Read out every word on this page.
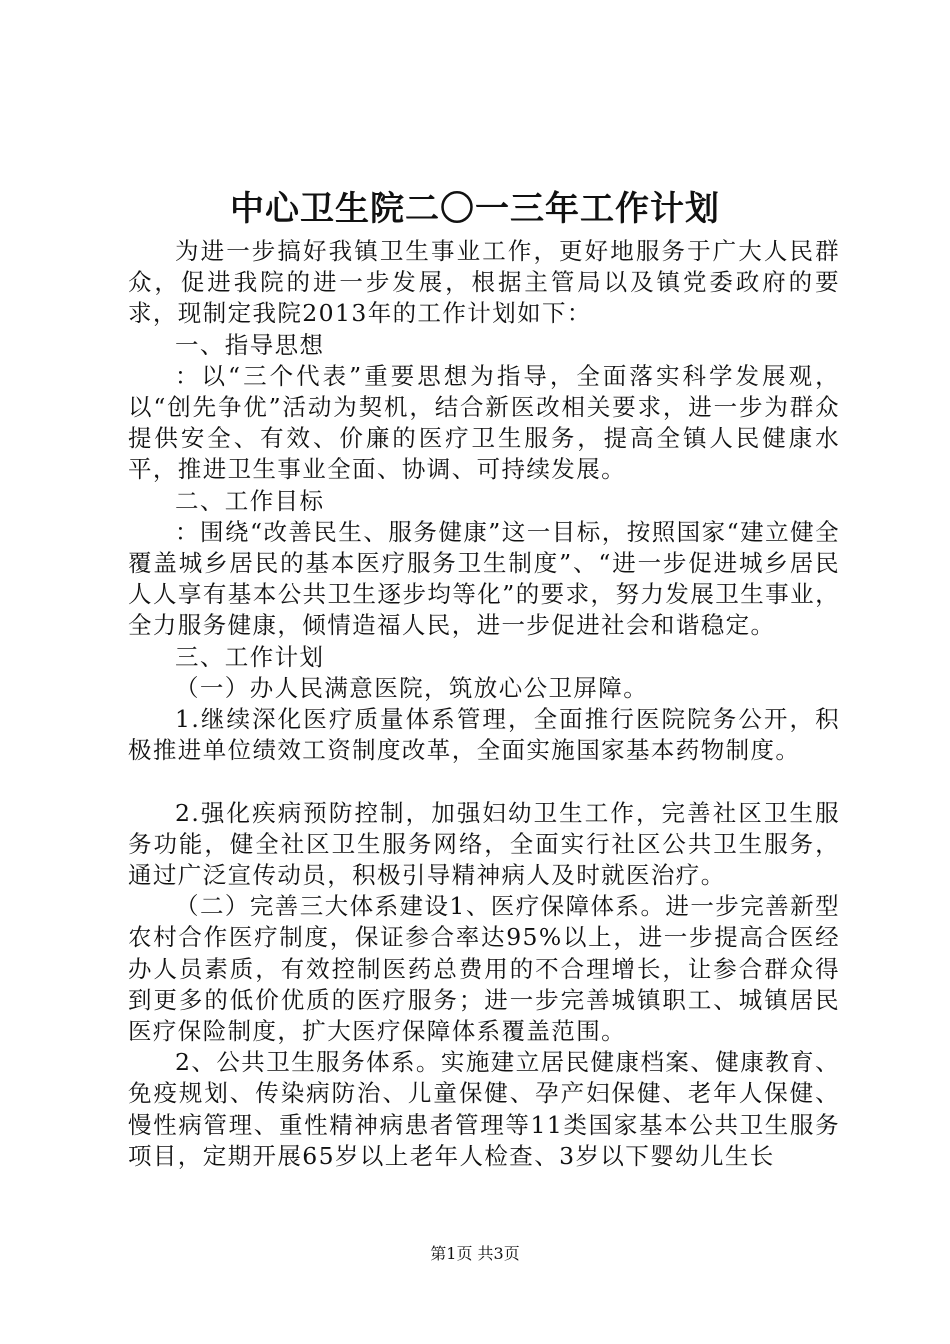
中心卫生院二〇一三年工作计划

为进一步搞好我镇卫生事业工作，更好地服务于广大人民群众，促进我院的进一步发展，根据主管局以及镇党委政府的要求，现制定我院2013年的工作计划如下：

一、指导思想

：以“三个代表”重要思想为指导，全面落实科学发展观，以“创先争优”活动为契机，结合新医改相关要求，进一步为群众提供安全、有效、价廉的医疗卫生服务，提高全镇人民健康水平，推进卫生事业全面、协调、可持续发展。

二、工作目标

：围绕“改善民生、服务健康”这一目标，按照国家“建立健全覆盖城乡居民的基本医疗服务卫生制度”、“进一步促进城乡居民人人享有基本公共卫生逐步均等化”的要求，努力发展卫生事业，全力服务健康，倾情造福人民，进一步促进社会和谐稳定。

三、工作计划

（一）办人民满意医院，筑放心公卫屏障。

1.继续深化医疗质量体系管理，全面推行医院院务公开，积极推进单位绩效工资制度改革，全面实施国家基本药物制度。

2.强化疾病预防控制，加强妇幼卫生工作，完善社区卫生服务功能，健全社区卫生服务网络，全面实行社区公共卫生服务，通过广泛宣传动员，积极引导精神病人及时就医治疗。

（二）完善三大体系建设1、医疗保障体系。进一步完善新型农村合作医疗制度，保证参合率达95%以上，进一步提高合医经办人员素质，有效控制医药总费用的不合理增长，让参合群众得到更多的低价优质的医疗服务；进一步完善城镇职工、城镇居民医疗保险制度，扩大医疗保障体系覆盖范围。

2、公共卫生服务体系。实施建立居民健康档案、健康教育、免疫规划、传染病防治、儿童保健、孕产妇保健、老年人保健、慢性病管理、重性精神病患者管理等11类国家基本公共卫生服务项目，定期开展65岁以上老年人检查、3岁以下婴幼儿生长

第1页 共3页
